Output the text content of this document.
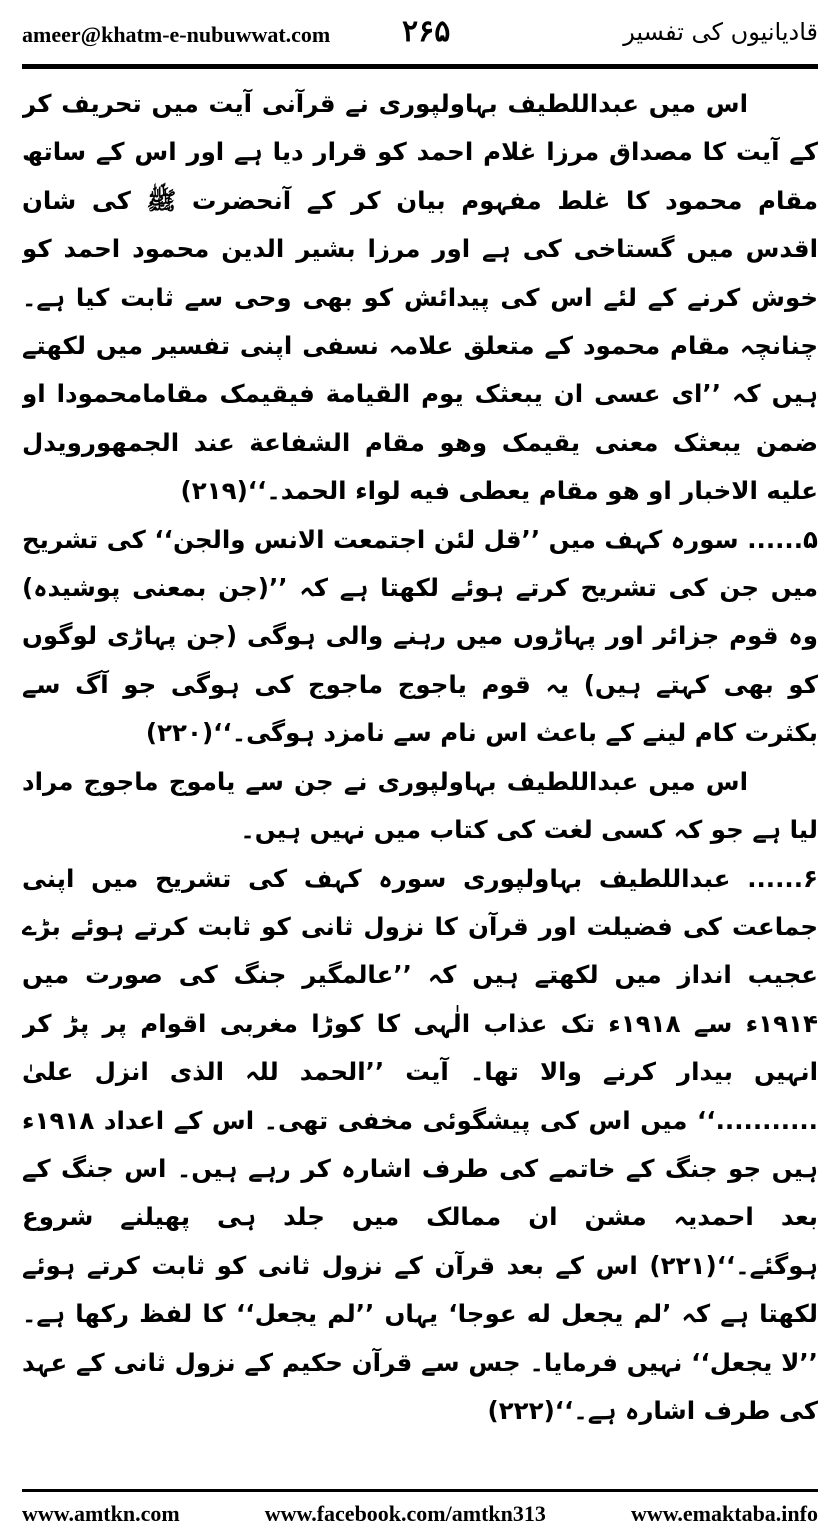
ameer@khatm-e-nubuwwat.com ۲۶۵	قادیانیوں کی تفسیر

اس میں عبداللطیف بہاولپوری نے قرآنی آیت میں تحریف کر کے آیت کا مصداق مرزا غلام احمد کو قرار دیا ہے اور اس کے ساتھ مقام محمود کا غلط مفہوم بیان کر کے آنحضرت ﷺ کی شان اقدس میں گستاخی کی ہے اور مرزا بشیر الدین محمود احمد کو خوش کرنے کے لئے اس کی پیدائش کو بھی وحی سے ثابت کیا ہے۔ چنانچہ مقام محمود کے متعلق علامہ نسفی اپنی تفسیر میں لکھتے ہیں کہ ’’ای عسی ان یبعثک یوم القیامة فیقیمک مقامامحمودا او ضمن یبعثک معنی یقیمک وھو مقام الشفاعة عند الجمھورویدل علیه الاخبار او ھو مقام یعطی فیه لواء الحمد۔‘‘(۲۱۹)

۵...... سورہ کہف میں ’’قل لئن اجتمعت الانس والجن‘‘ کی تشریح میں جن کی تشریح کرتے ہوئے لکھتا ہے کہ ’’(جن بمعنی پوشیدہ) وہ قوم جزائر اور پہاڑوں میں رہنے والی ہوگی (جن پہاڑی لوگوں کو بھی کہتے ہیں) یہ قوم یاجوج ماجوج کی ہوگی جو آگ سے بکثرت کام لینے کے باعث اس نام سے نامزد ہوگی۔‘‘(۲۲۰)

اس میں عبداللطیف بہاولپوری نے جن سے یاموج ماجوج مراد لیا ہے جو کہ کسی لغت کی کتاب میں نہیں ہیں۔

۶...... عبداللطیف بہاولپوری سورہ کہف کی تشریح میں اپنی جماعت کی فضیلت اور قرآن کا نزول ثانی کو ثابت کرتے ہوئے بڑے عجیب انداز میں لکھتے ہیں کہ ’’عالمگیر جنگ کی صورت میں ۱۹۱۴ء سے ۱۹۱۸ء تک عذاب الٰہی کا کوڑا مغربی اقوام پر پڑ کر انہیں بیدار کرنے والا تھا۔ آیت ’’الحمد للہ الذی انزل علیٰ ...........‘‘ میں اس کی پیشگوئی مخفی تھی۔ اس کے اعداد ۱۹۱۸ء ہیں جو جنگ کے خاتمے کی طرف اشارہ کر رہے ہیں۔ اس جنگ کے بعد احمدیہ مشن ان ممالک میں جلد ہی پھیلنے شروع ہوگئے۔‘‘(۲۲۱) اس کے بعد قرآن کے نزول ثانی کو ثابت کرتے ہوئے لکھتا ہے کہ ’لم یجعل له عوجا‘ یہاں ’’لم یجعل‘‘ کا لفظ رکھا ہے۔ ’’لا یجعل‘‘ نہیں فرمایا۔ جس سے قرآن حکیم کے نزول ثانی کے عہد کی طرف اشارہ ہے۔‘‘(۲۲۲)

www.amtkn.com	www.facebook.com/amtkn313	www.emaktaba.info
